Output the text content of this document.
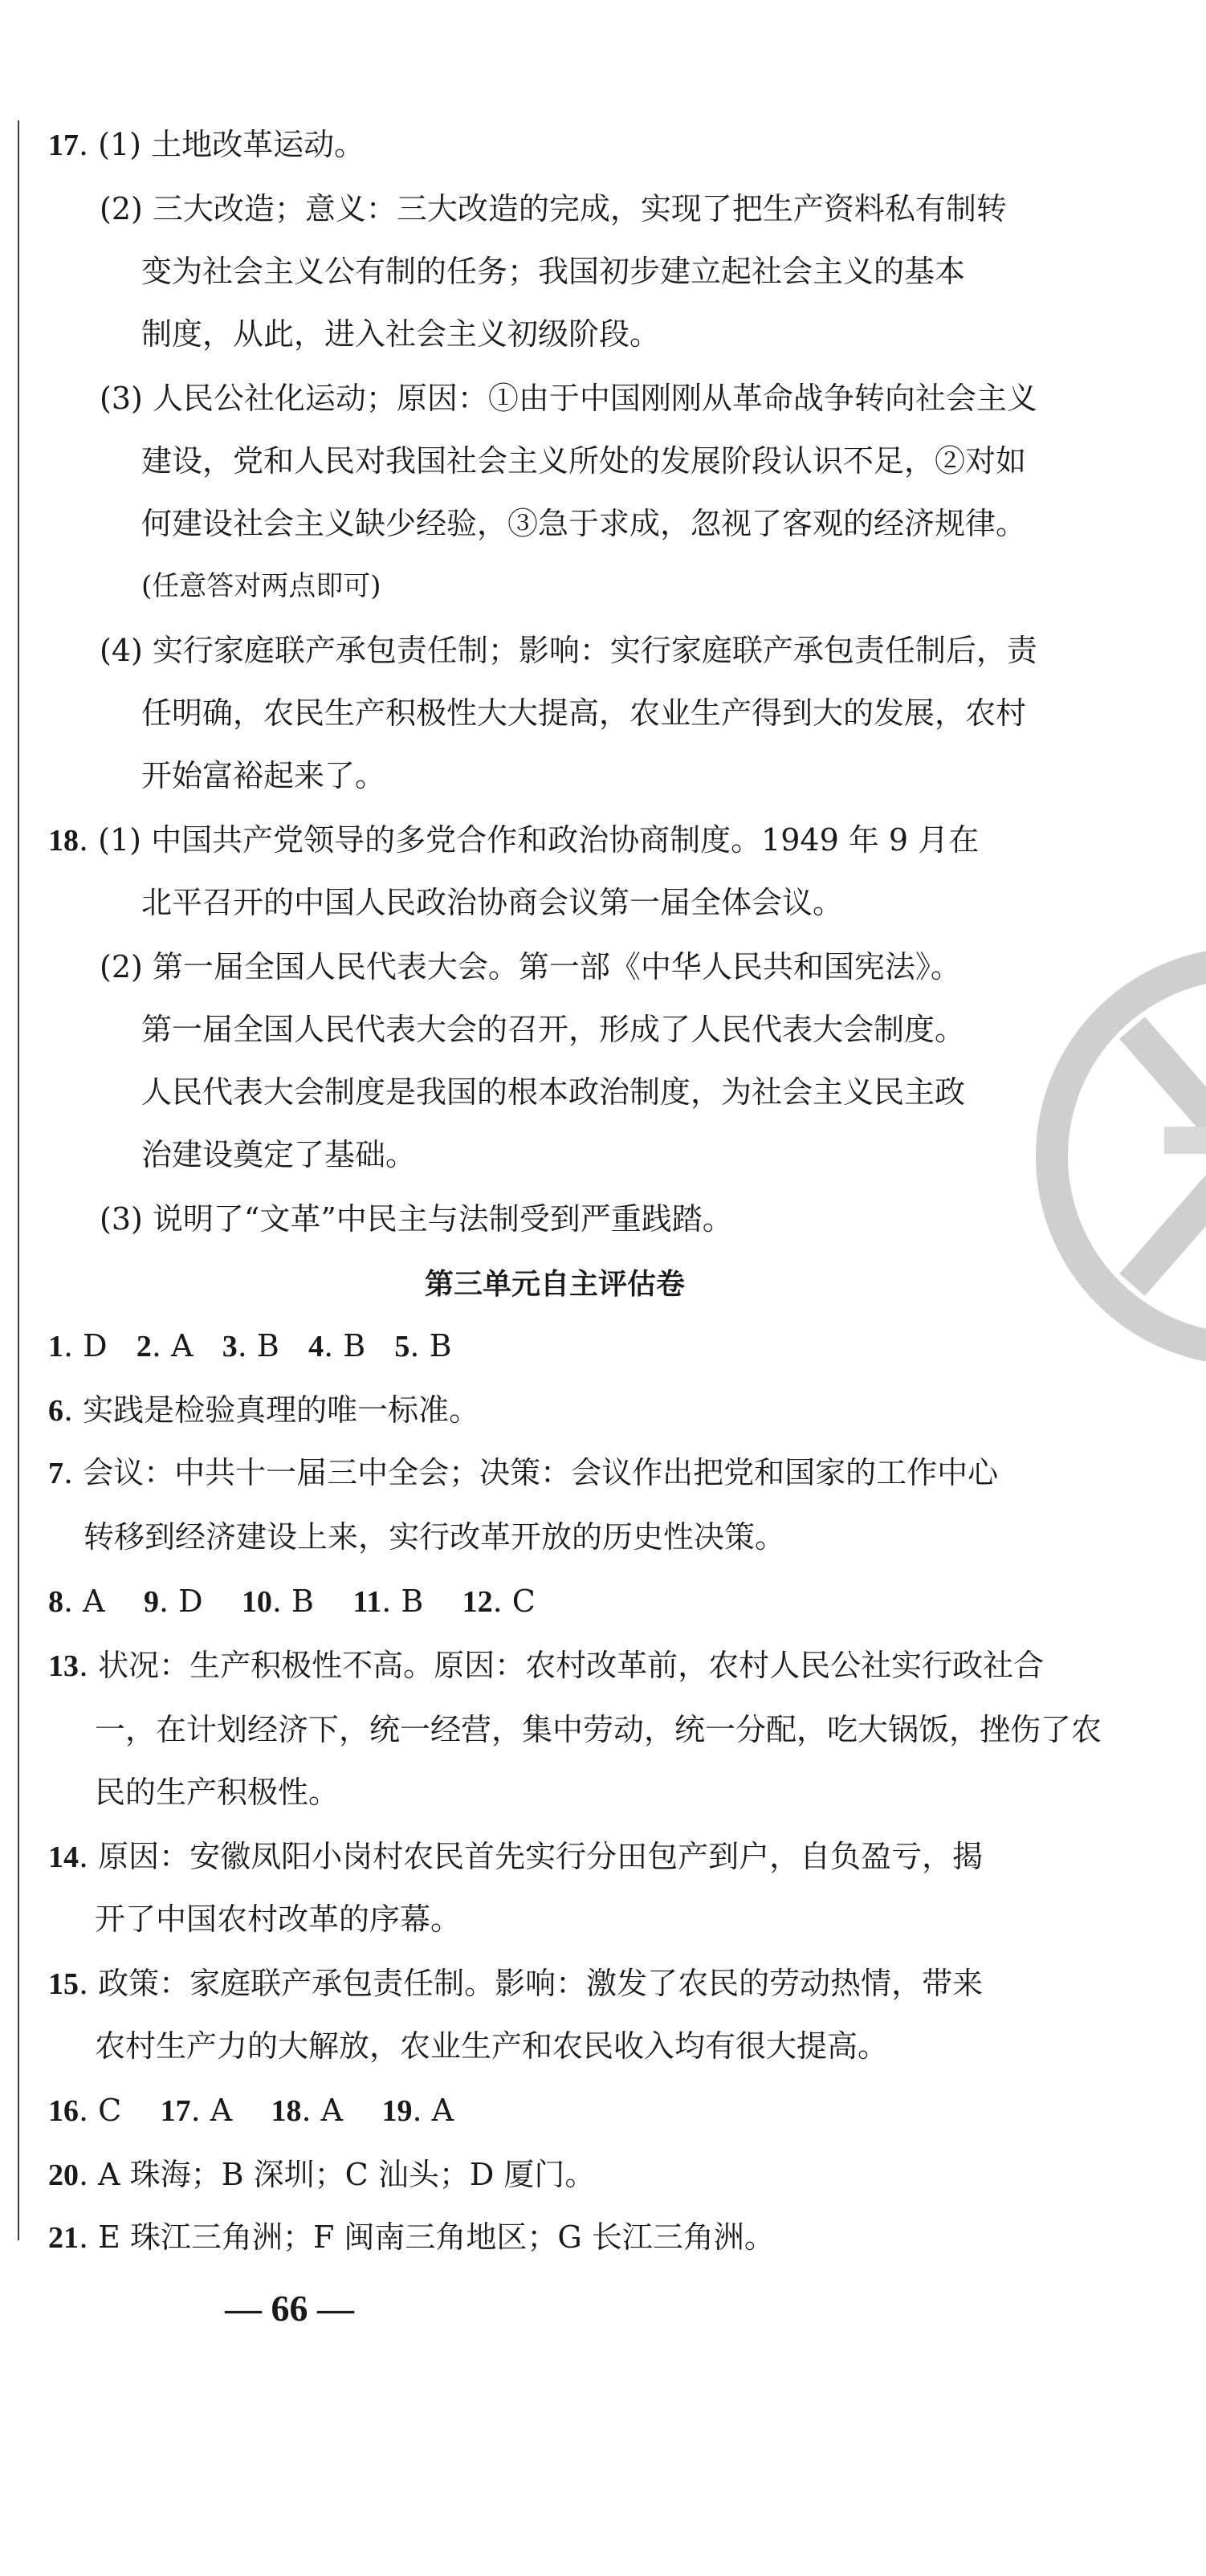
17. (1) 土地改革运动。
(2) 三大改造；意义：三大改造的完成，实现了把生产资料私有制转
变为社会主义公有制的任务；我国初步建立起社会主义的基本
制度，从此，进入社会主义初级阶段。
(3) 人民公社化运动；原因：①由于中国刚刚从革命战争转向社会主义
建设，党和人民对我国社会主义所处的发展阶段认识不足，②对如
何建设社会主义缺少经验，③急于求成，忽视了客观的经济规律。
(任意答对两点即可)
(4) 实行家庭联产承包责任制；影响：实行家庭联产承包责任制后，责
任明确，农民生产积极性大大提高，农业生产得到大的发展，农村
开始富裕起来了。
18. (1) 中国共产党领导的多党合作和政治协商制度。1949 年 9 月在
北平召开的中国人民政治协商会议第一届全体会议。
(2) 第一届全国人民代表大会。第一部《中华人民共和国宪法》。
第一届全国人民代表大会的召开，形成了人民代表大会制度。
人民代表大会制度是我国的根本政治制度，为社会主义民主政
治建设奠定了基础。
(3) 说明了“文革”中民主与法制受到严重践踏。
第三单元自主评估卷
1. D 2. A 3. B 4. B 5. B
6. 实践是检验真理的唯一标准。
7. 会议：中共十一届三中全会；决策：会议作出把党和国家的工作中心
转移到经济建设上来，实行改革开放的历史性决策。
8. A 9. D 10. B 11. B 12. C
13. 状况：生产积极性不高。原因：农村改革前，农村人民公社实行政社合
一，在计划经济下，统一经营，集中劳动，统一分配，吃大锅饭，挫伤了农
民的生产积极性。
14. 原因：安徽凤阳小岗村农民首先实行分田包产到户，自负盈亏，揭
开了中国农村改革的序幕。
15. 政策：家庭联产承包责任制。影响：激发了农民的劳动热情，带来
农村生产力的大解放，农业生产和农民收入均有很大提高。
16. C 17. A 18. A 19. A
20. A 珠海；B 深圳；C 汕头；D 厦门。
21. E 珠江三角洲；F 闽南三角地区；G 长江三角洲。
— 66 —
